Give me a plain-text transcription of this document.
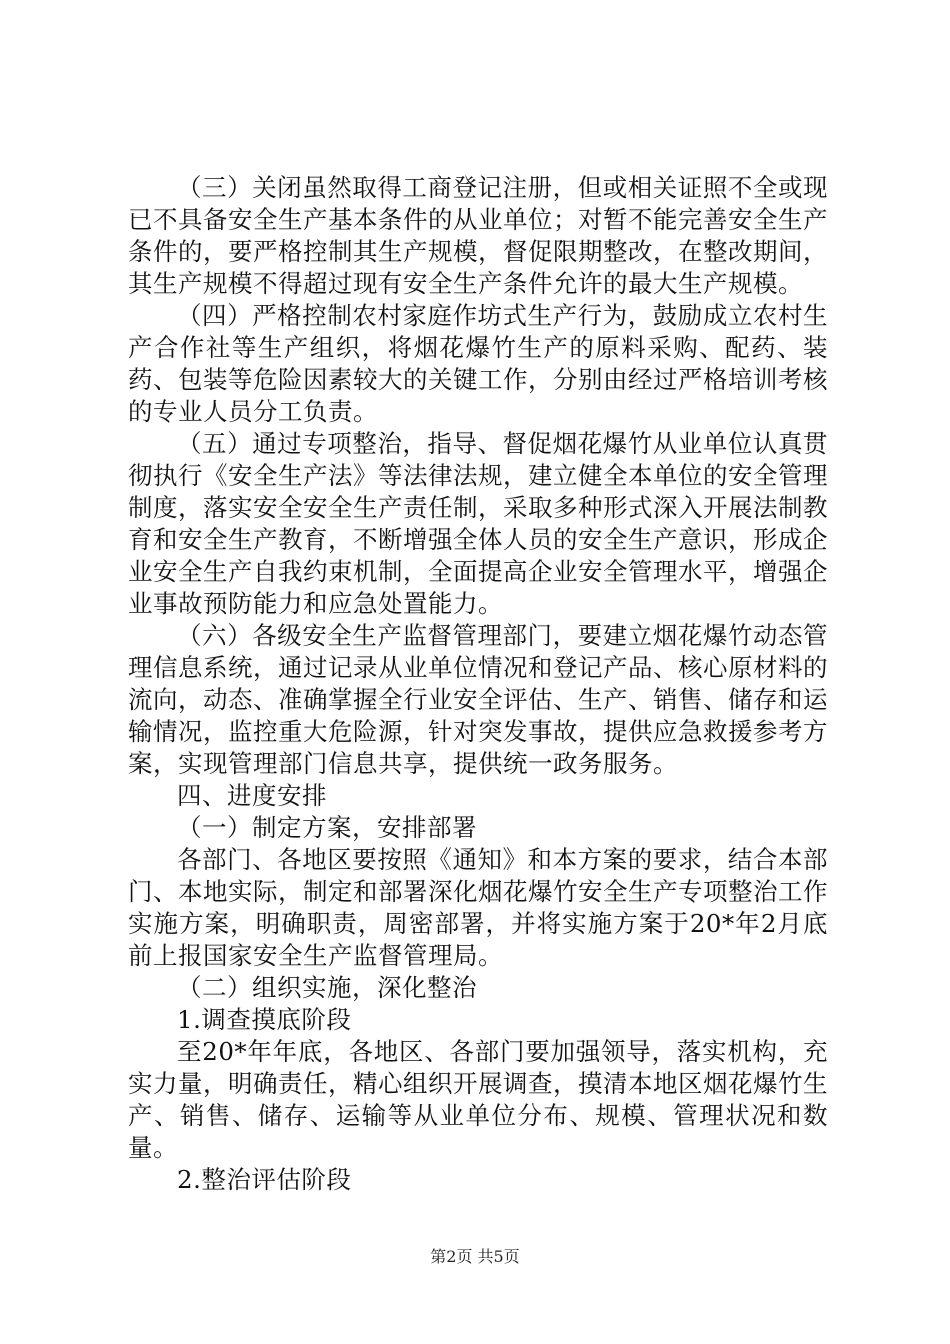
（三）关闭虽然取得工商登记注册，但或相关证照不全或现已不具备安全生产基本条件的从业单位；对暂不能完善安全生产条件的，要严格控制其生产规模，督促限期整改，在整改期间，其生产规模不得超过现有安全生产条件允许的最大生产规模。

（四）严格控制农村家庭作坊式生产行为，鼓励成立农村生产合作社等生产组织，将烟花爆竹生产的原料采购、配药、装药、包装等危险因素较大的关键工作，分别由经过严格培训考核的专业人员分工负责。

（五）通过专项整治，指导、督促烟花爆竹从业单位认真贯彻执行《安全生产法》等法律法规，建立健全本单位的安全管理制度，落实安全安全生产责任制，采取多种形式深入开展法制教育和安全生产教育，不断增强全体人员的安全生产意识，形成企业安全生产自我约束机制，全面提高企业安全管理水平，增强企业事故预防能力和应急处置能力。

（六）各级安全生产监督管理部门，要建立烟花爆竹动态管理信息系统，通过记录从业单位情况和登记产品、核心原材料的流向，动态、准确掌握全行业安全评估、生产、销售、储存和运输情况，监控重大危险源，针对突发事故，提供应急救援参考方案，实现管理部门信息共享，提供统一政务服务。

四、进度安排

（一）制定方案，安排部署

各部门、各地区要按照《通知》和本方案的要求，结合本部门、本地实际，制定和部署深化烟花爆竹安全生产专项整治工作实施方案，明确职责，周密部署，并将实施方案于20*年2月底前上报国家安全生产监督管理局。

（二）组织实施，深化整治

1.调查摸底阶段

至20*年年底，各地区、各部门要加强领导，落实机构，充实力量，明确责任，精心组织开展调查，摸清本地区烟花爆竹生产、销售、储存、运输等从业单位分布、规模、管理状况和数量。

2.整治评估阶段

第2页 共5页
